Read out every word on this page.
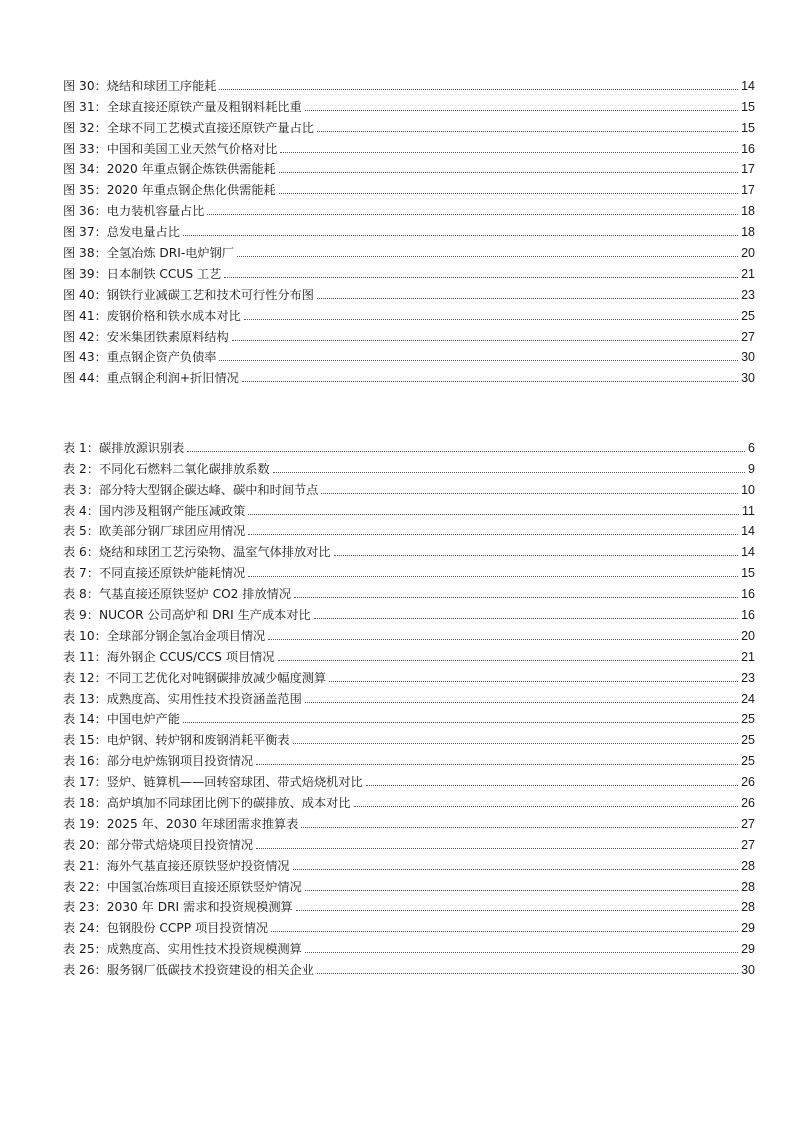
图 30：烧结和球团工序能耗	14
图 31：全球直接还原铁产量及粗钢料耗比重	15
图 32：全球不同工艺模式直接还原铁产量占比	15
图 33：中国和美国工业天然气价格对比	16
图 34：2020 年重点钢企炼铁供需能耗	17
图 35：2020 年重点钢企焦化供需能耗	17
图 36：电力装机容量占比	18
图 37：总发电量占比	18
图 38：全氢冶炼 DRI-电炉钢厂	20
图 39：日本制铁 CCUS 工艺	21
图 40：钢铁行业减碳工艺和技术可行性分布图	23
图 41：废钢价格和铁水成本对比	25
图 42：安米集团铁素原料结构	27
图 43：重点钢企资产负债率	30
图 44：重点钢企利润+折旧情况	30
表 1：碳排放源识别表	6
表 2：不同化石燃料二氧化碳排放系数	9
表 3：部分特大型钢企碳达峰、碳中和时间节点	10
表 4：国内涉及粗钢产能压减政策	11
表 5：欧美部分钢厂球团应用情况	14
表 6：烧结和球团工艺污染物、温室气体排放对比	14
表 7：不同直接还原铁炉能耗情况	15
表 8：气基直接还原铁竖炉 CO2 排放情况	16
表 9：NUCOR 公司高炉和 DRI 生产成本对比	16
表 10：全球部分钢企氢冶金项目情况	20
表 11：海外钢企 CCUS/CCS 项目情况	21
表 12：不同工艺优化对吨钢碳排放减少幅度测算	23
表 13：成熟度高、实用性技术投资涵盖范围	24
表 14：中国电炉产能	25
表 15：电炉钢、转炉钢和废钢消耗平衡表	25
表 16：部分电炉炼钢项目投资情况	25
表 17：竖炉、链算机——回转窑球团、带式焙烧机对比	26
表 18：高炉填加不同球团比例下的碳排放、成本对比	26
表 19：2025 年、2030 年球团需求推算表	27
表 20：部分带式焙烧项目投资情况	27
表 21：海外气基直接还原铁竖炉投资情况	28
表 22：中国氢冶炼项目直接还原铁竖炉情况	28
表 23：2030 年 DRI 需求和投资规模测算	28
表 24：包钢股份 CCPP 项目投资情况	29
表 25：成熟度高、实用性技术投资规模测算	29
表 26：服务钢厂低碳技术投资建设的相关企业	30
